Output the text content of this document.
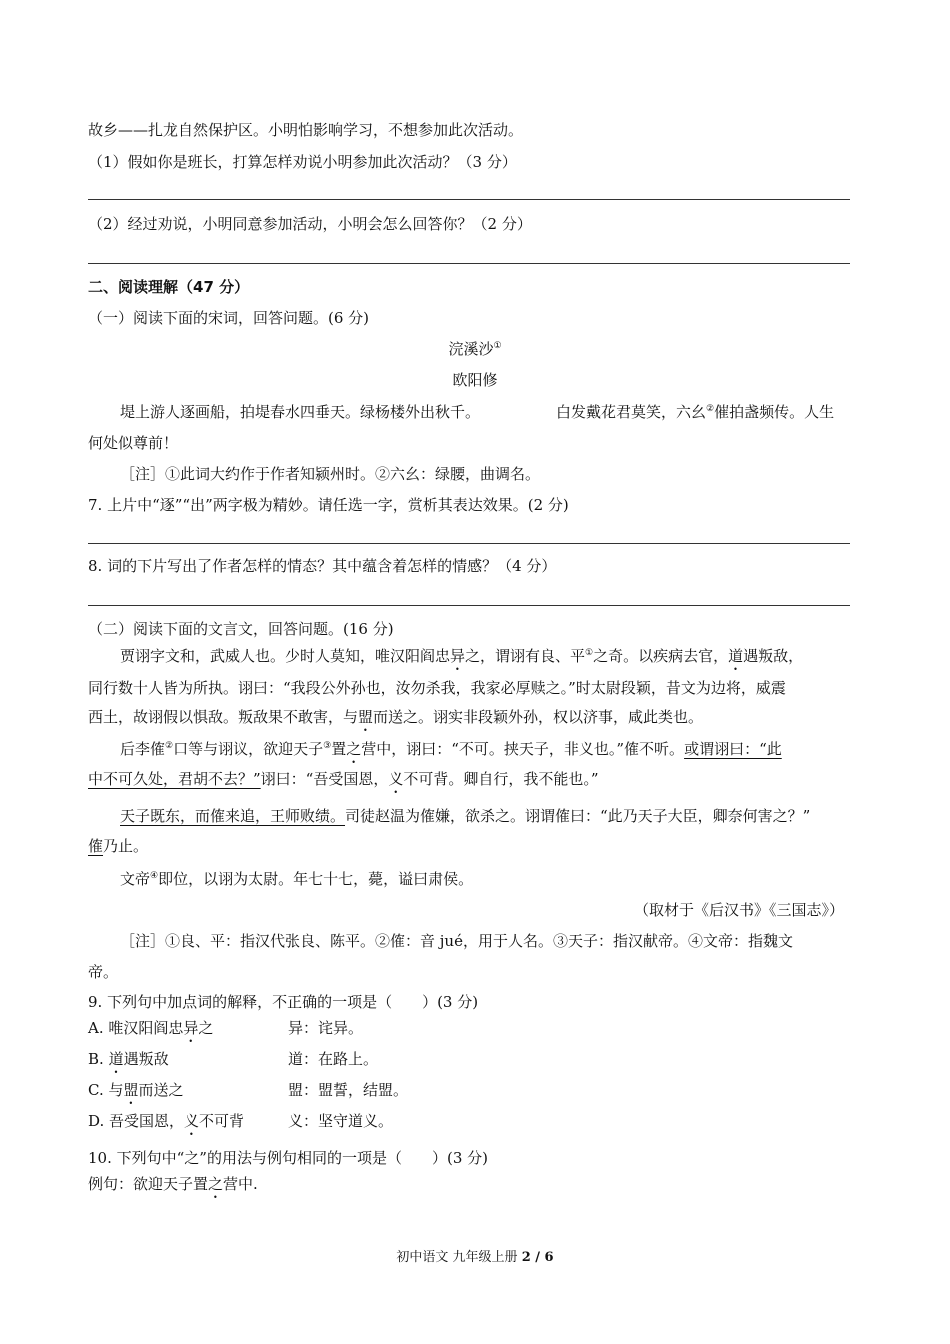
故乡——扎龙自然保护区。小明怕影响学习，不想参加此次活动。
（1）假如你是班长，打算怎样劝说小明参加此次活动？（3 分）
（2）经过劝说，小明同意参加活动，小明会怎么回答你？（2 分）
二、阅读理解（47 分）
（一）阅读下面的宋词，回答问题。(6 分)
浣溪沙①
欧阳修
堤上游人逐画船，拍堤春水四垂天。绿杨楼外出秋千。	白发戴花君莫笑，六幺②催拍盏频传。人生
何处似尊前！
［注］①此词大约作于作者知颍州时。②六幺：绿腰，曲调名。
7. 上片中“逐”“出”两字极为精妙。请任选一字，赏析其表达效果。(2 分)
8. 词的下片写出了作者怎样的情态？其中蕴含着怎样的情感？（4 分）
（二）阅读下面的文言文，回答问题。(16 分)
贾诩字文和，武威人也。少时人莫知，唯汉阳阎忠异之，谓诩有良、平①之奇。以疾病去官，道遇叛敌，
同行数十人皆为所执。诩曰：“我段公外孙也，汝勿杀我，我家必厚赎之。”时太尉段颖，昔文为边将，威震
西土，故诩假以惧敌。叛敌果不敢害，与盟而送之。诩实非段颖外孙，权以济事，咸此类也。
后李傕②口等与诩议，欲迎天子③置之营中，诩曰：“不可。挟天子，非义也。”傕不听。或谓诩曰：“此
中不可久处，君胡不去？”诩曰：“吾受国恩，义不可背。卿自行，我不能也。”
天子既东，而傕来追，王师败绩。司徒赵温为傕嫌，欲杀之。诩谓傕曰：“此乃天子大臣，卿奈何害之？”
傕乃止。
文帝④即位，以诩为太尉。年七十七，薨，谥曰肃侯。
（取材于《后汉书》《三国志》）
［注］①良、平：指汉代张良、陈平。②傕：音 jué，用于人名。③天子：指汉献帝。④文帝：指魏文
帝。
9. 下列句中加点词的解释，不正确的一项是（　　）(3 分)
A. 唯汉阳阎忠异之	异：诧异。
B. 道遇叛敌	道：在路上。
C. 与盟而送之	盟：盟誓，结盟。
D. 吾受国恩，义不可背	义：坚守道义。
10. 下列句中“之”的用法与例句相同的一项是（　　）(3 分)
例句：欲迎天子置之营中.
初中语文 九年级上册 2 / 6
